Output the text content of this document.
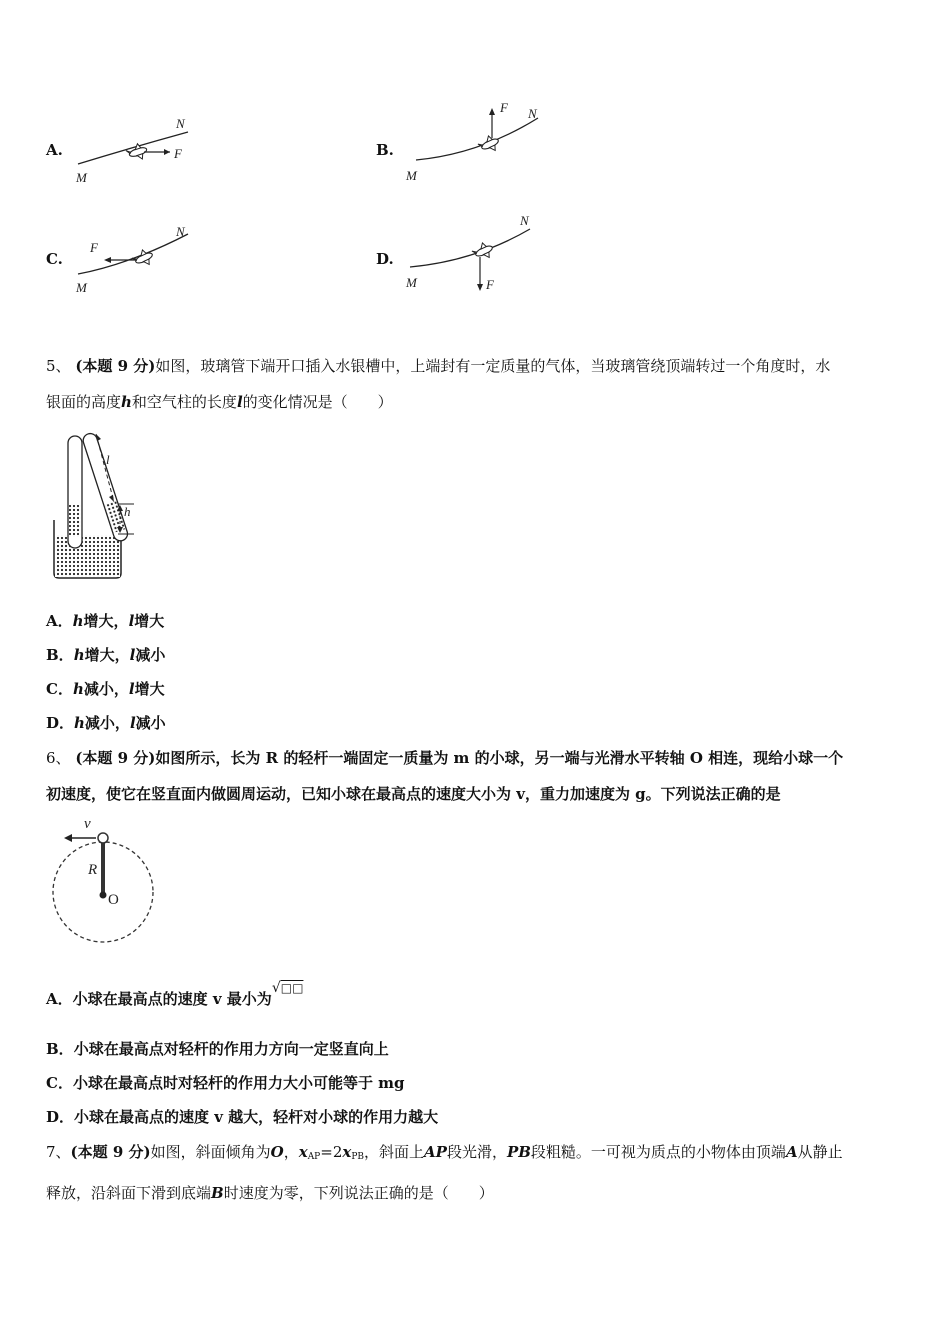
A.	F
N
M
B.
F N
M
C.
F
N
M
D.
F
N
M
5、 (本题 9 分)如图，玻璃管下端开口插入水银槽中，上端封有一定质量的气体，当玻璃管绕顶端转过一个角度时，水
银面的高度h和空气柱的长度l的变化情况是（　　）
l
h
A．h增大，l增大
B．h增大，l减小
C．h减小，l增大
D．h减小，l减小
6、 (本题 9 分)如图所示，长为 R 的轻杆一端固定一质量为 m 的小球，另一端与光滑水平转轴 O 相连，现给小球一个
初速度，使它在竖直面内做圆周运动，已知小球在最高点的速度大小为 v，重力加速度为 g。下列说法正确的是
v
R
O
A．小球在最高点的速度 v 最小为√□□
B．小球在最高点对轻杆的作用力方向一定竖直向上
C．小球在最高点时对轻杆的作用力大小可能等于 mg
D．小球在最高点的速度 v 越大，轻杆对小球的作用力越大
7、(本题 9 分)如图，斜面倾角为O，$x_{AP}=2x_{PB}$，斜面上AP段光滑，PB段粗糙。一可视为质点的小物体由顶端A从静止
释放，沿斜面下滑到底端B时速度为零，下列说法正确的是（　　）
